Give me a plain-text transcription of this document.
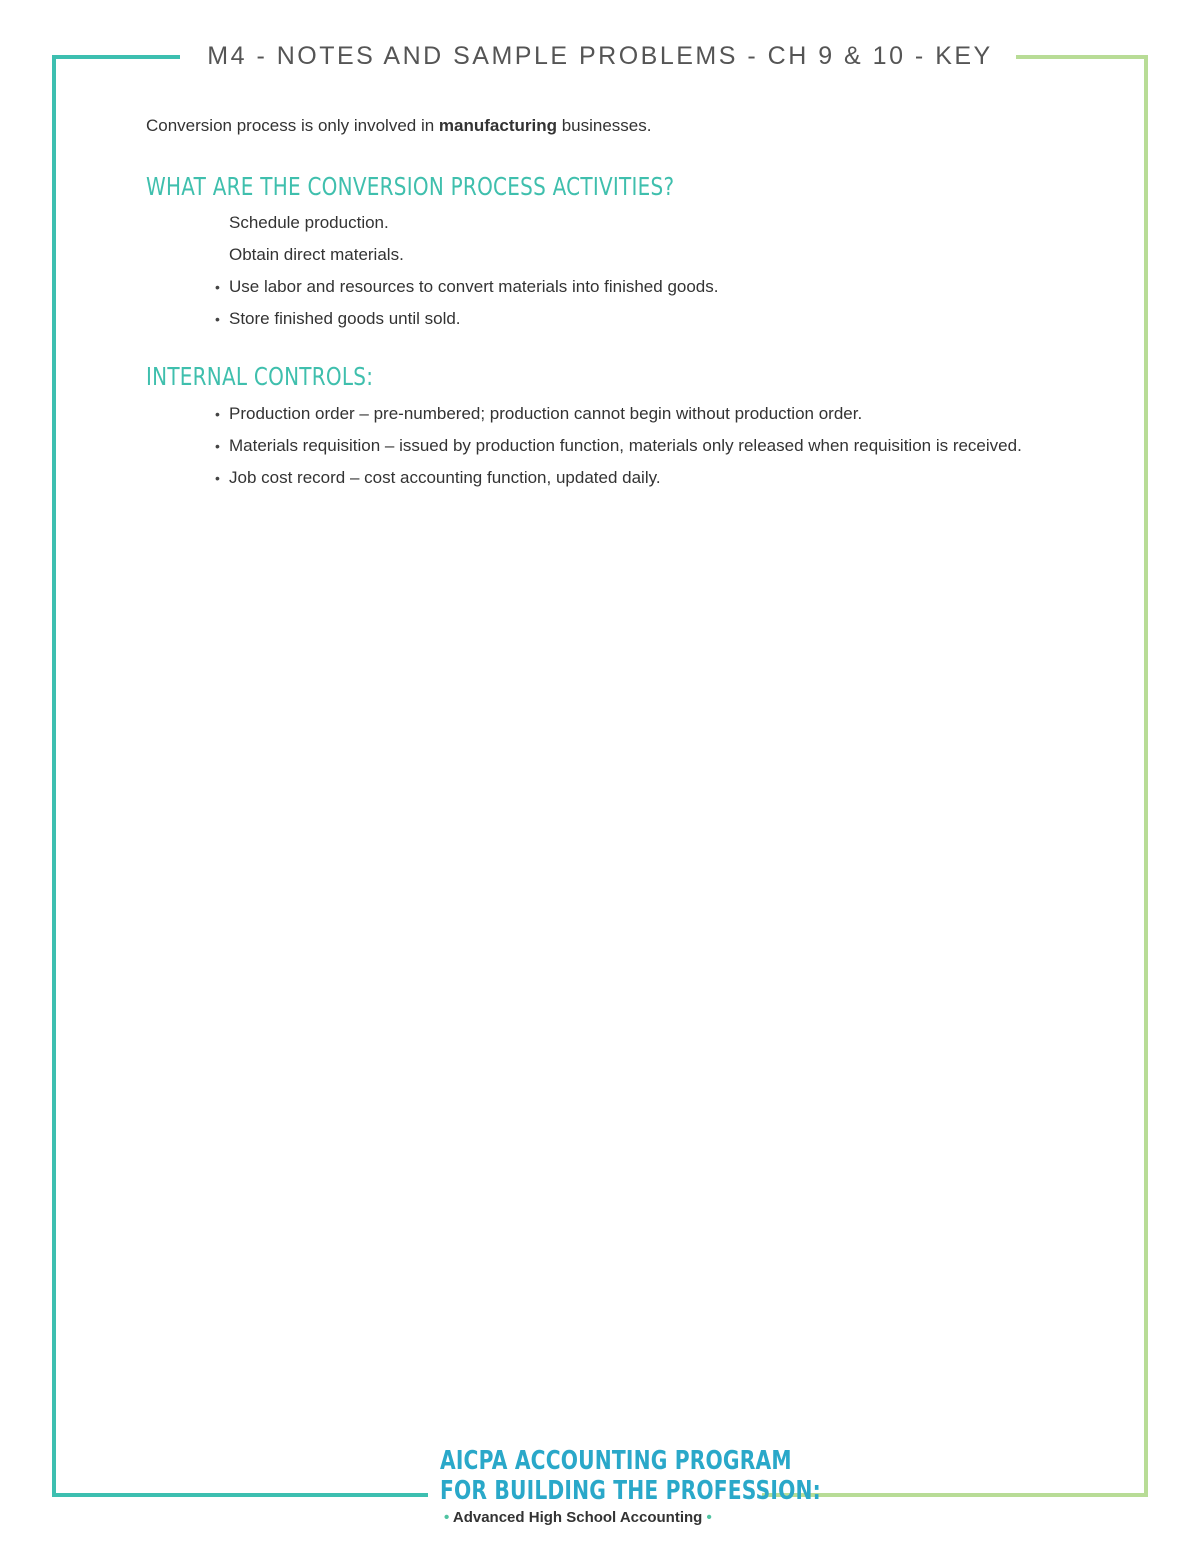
M4 - NOTES AND SAMPLE PROBLEMS - CH 9 & 10 - KEY
Conversion process is only involved in manufacturing businesses.
WHAT ARE THE CONVERSION PROCESS ACTIVITIES?
Schedule production.
Obtain direct materials.
• Use labor and resources to convert materials into finished goods.
• Store finished goods until sold.
INTERNAL CONTROLS:
• Production order – pre-numbered; production cannot begin without production order.
• Materials requisition – issued by production function, materials only released when requisition is received.
• Job cost record – cost accounting function, updated daily.
AICPA ACCOUNTING PROGRAM
FOR BUILDING THE PROFESSION:
• Advanced High School Accounting •
